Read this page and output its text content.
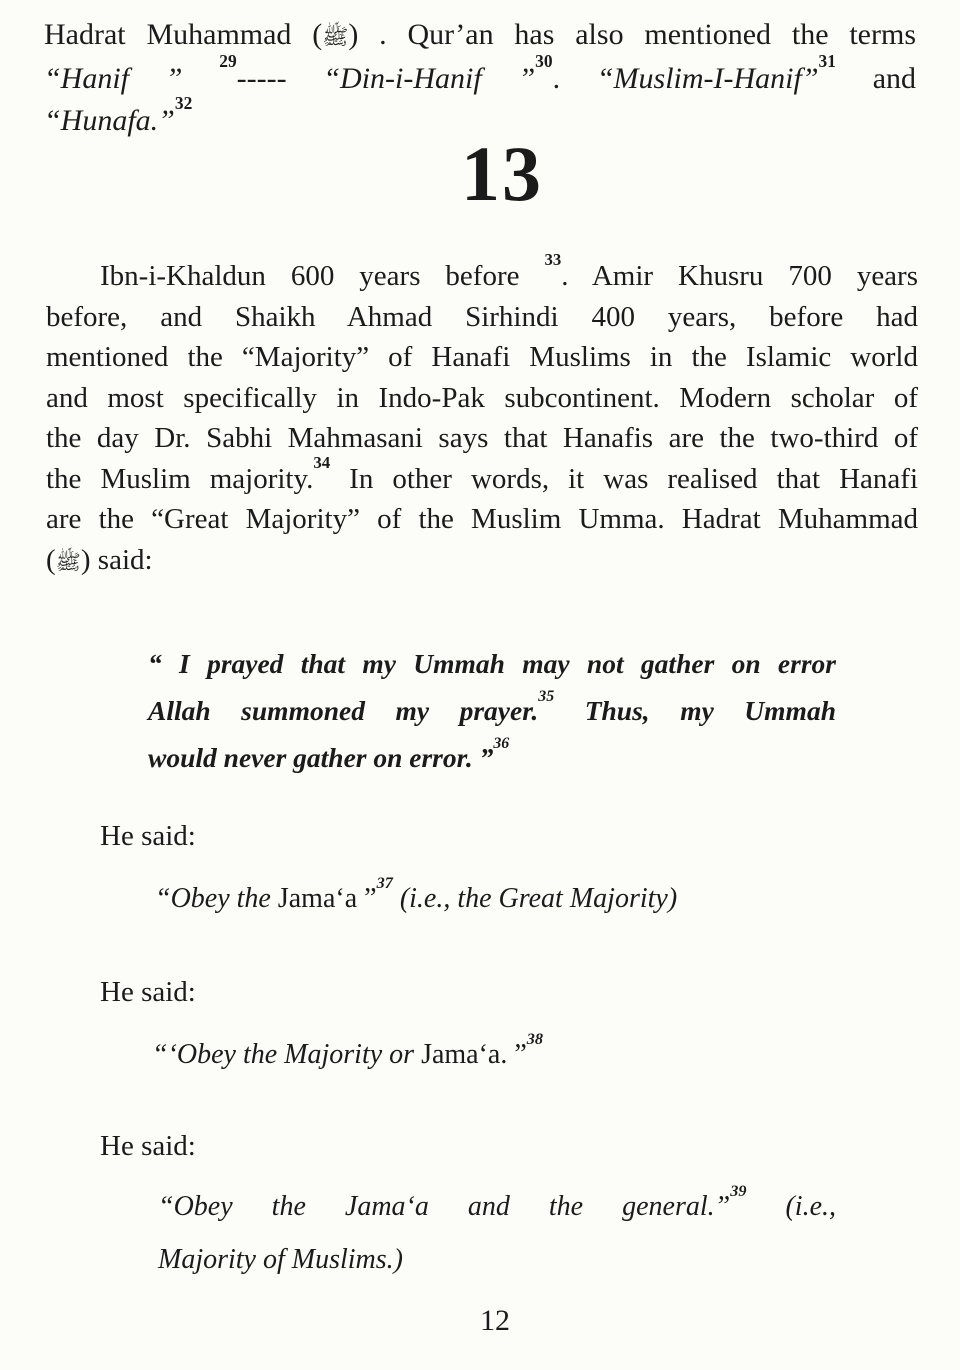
Hadrat Muhammad (ﷺ) . Qur’an has also mentioned the terms
“Hanif ” $^{29}$----- “Din-i-Hanif ”$^{30}$. “Muslim-I-Hanif”$^{31}$ and
“Hunafa.”$^{32}$
13
Ibn-i-Khaldun 600 years before $^{33}$. Amir Khusru 700 years
before, and Shaikh Ahmad Sirhindi 400 years, before had
mentioned the “Majority” of Hanafi Muslims in the Islamic world
and most specifically in Indo-Pak subcontinent. Modern scholar of
the day Dr. Sabhi Mahmasani says that Hanafis are the two-third of
the Muslim majority.$^{34}$ In other words, it was realised that Hanafi
are the “Great Majority” of the Muslim Umma. Hadrat Muhammad
(ﷺ) said:
“ I prayed that my Ummah may not gather on error
Allah summoned my prayer.$^{35}$ Thus, my Ummah
would never gather on error. ”$^{36}$
He said:
“Obey the Jama‘a ”$^{37}$ (i.e., the Great Majority)
He said:
“‘Obey the Majority or Jama‘a. ”$^{38}$
He said:
“Obey the Jama‘a and the general.”$^{39}$ (i.e.,
Majority of Muslims.)
12
